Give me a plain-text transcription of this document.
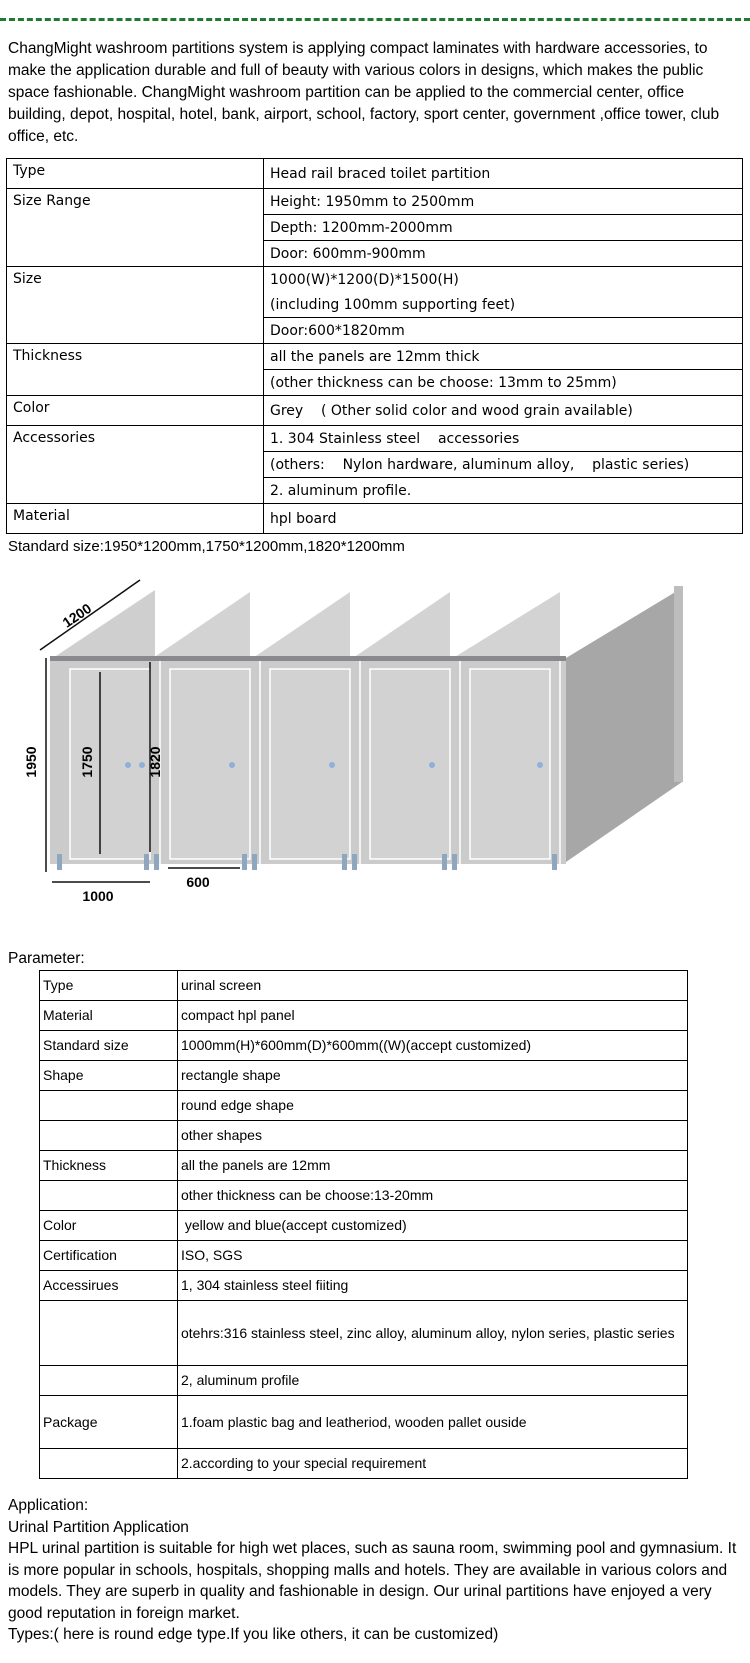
ChangMight washroom partitions system is applying compact laminates with hardware accessories, to make the application durable and full of beauty with various colors in designs, which makes the public space fashionable. ChangMight washroom partition can be applied to the commercial center, office building, depot, hospital, hotel, bank, airport, school, factory, sport center, government ,office tower, club office, etc.
Type	Head rail braced toilet partition
Size Range	Height: 1950mm to 2500mm
	Depth: 1200mm-2000mm
	Door: 600mm-900mm
Size	1000(W)*1200(D)*1500(H)
	(including 100mm supporting feet)
	Door:600*1820mm
Thickness	all the panels are 12mm thick
	(other thickness can be choose: 13mm to 25mm)
Color	Grey    ( Other solid color and wood grain available)
Accessories	1. 304 Stainless steel    accessories
	(others:    Nylon hardware, aluminum alloy,    plastic series)
	2. aluminum profile.
Material	hpl board
Standard size:1950*1200mm,1750*1200mm,1820*1200mm
1200
1950	1750	1820
1000
600
Parameter:
Type	urinal screen
Material	compact hpl panel
Standard size	1000mm(H)*600mm(D)*600mm((W)(accept customized)
Shape	rectangle shape
	round edge shape
	other shapes
Thickness	all the panels are 12mm
	other thickness can be choose:13-20mm
Color	yellow and blue(accept customized)
Certification	ISO, SGS
Accessirues	1, 304 stainless steel fiiting
	otehrs:316 stainless steel, zinc alloy, aluminum alloy, nylon series, plastic series
	2, aluminum profile
Package	1.foam plastic bag and leatheriod, wooden pallet ouside
	2.according to your special requirement

Application:

Urinal Partition Application

HPL urinal partition is suitable for high wet places, such as sauna room, swimming pool and gymnasium. It is more popular in schools, hospitals, shopping malls and hotels. They are available in various colors and models. They are superb in quality and fashionable in design. Our urinal partitions have enjoyed a very good reputation in foreign market.

Types:( here is round edge type.If you like others, it can be customized)
